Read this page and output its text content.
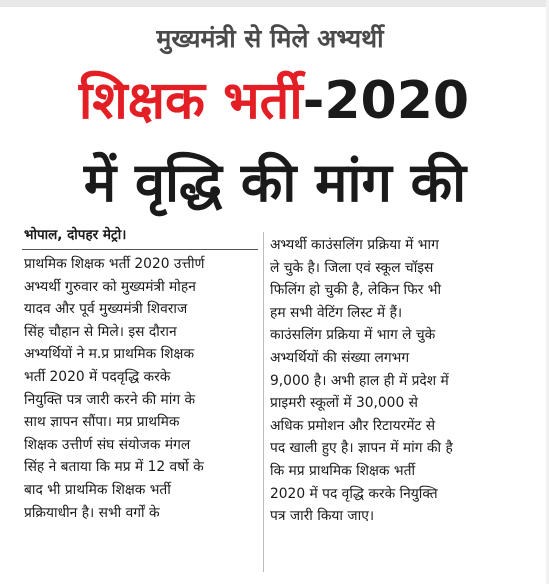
मुख्यमंत्री से मिले अभ्यर्थी
शिक्षक भर्ती-2020
में वृद्धि की मांग की
भोपाल, दोपहर मेट्रो।
प्राथमिक शिक्षक भर्ती 2020 उत्तीर्ण
अभ्यर्थी गुरुवार को मुख्यमंत्री मोहन
यादव और पूर्व मुख्यमंत्री शिवराज
सिंह चौहान से मिले। इस दौरान
अभ्यर्थियों ने म.प्र प्राथमिक शिक्षक
भर्ती 2020 में पदवृद्धि करके
नियुक्ति पत्र जारी करने की मांग के
साथ ज्ञापन सौंपा। मप्र प्राथमिक
शिक्षक उत्तीर्ण संघ संयोजक मंगल
सिंह ने बताया कि मप्र में 12 वर्षो के
बाद भी प्राथमिक शिक्षक भर्ती
प्रक्रियाधीन है। सभी वर्गों के
अभ्यर्थी काउंसलिंग प्रक्रिया में भाग
ले चुके है। जिला एवं स्कूल चॉइस
फिलिंग हो चुकी है, लेकिन फिर भी
हम सभी वेटिंग लिस्ट में हैं।
काउंसलिंग प्रक्रिया में भाग ले चुके
अभ्यर्थियों की संख्या लगभग
9,000 है। अभी हाल ही में प्रदेश में
प्राइमरी स्कूलों में 30,000 से
अधिक प्रमोशन और रिटायरमेंट से
पद खाली हुए है। ज्ञापन में मांग की है
कि मप्र प्राथमिक शिक्षक भर्ती
2020 में पद वृद्धि करके नियुक्ति
पत्र जारी किया जाए।
